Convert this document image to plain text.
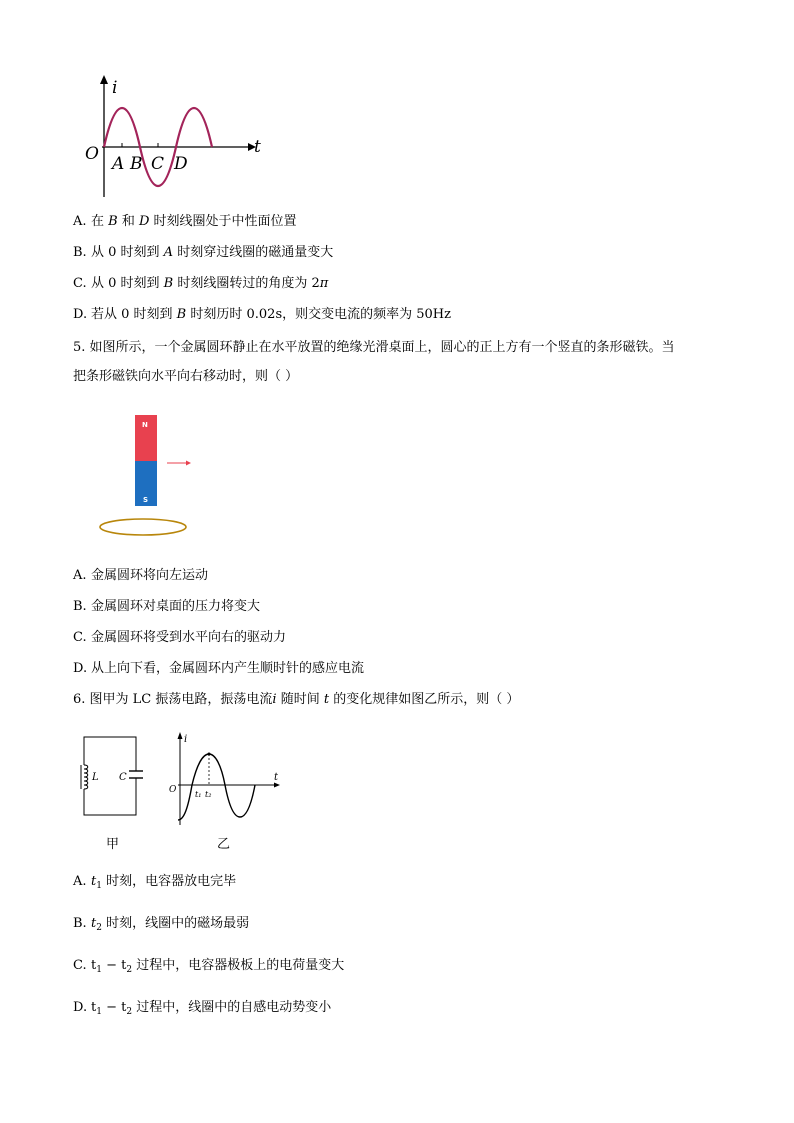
i
t
O A B C D
A. 在 B 和 D 时刻线圈处于中性面位置
B. 从 0 时刻到 A 时刻穿过线圈的磁通量变大
C. 从 0 时刻到 B 时刻线圈转过的角度为 2π
D. 若从 0 时刻到 B 时刻历时 0.02s，则交变电流的频率为 50Hz
5. 如图所示，一个金属圆环静止在水平放置的绝缘光滑桌面上，圆心的正上方有一个竖直的条形磁铁。当
把条形磁铁向水平向右移动时，则（ ）
N
S
A. 金属圆环将向左运动
B. 金属圆环对桌面的压力将变大
C. 金属圆环将受到水平向右的驱动力
D. 从上向下看，金属圆环内产生顺时针的感应电流
6. 图甲为 LC 振荡电路，振荡电流i 随时间 t 的变化规律如图乙所示，则（ ）
L C
i
t
O t₁ t₂
甲	乙
A. $t_1$ 时刻，电容器放电完毕
B. $t_2$ 时刻，线圈中的磁场最弱
C. $t_1 - t_2$ 过程中，电容器极板上的电荷量变大
D. $t_1 - t_2$ 过程中，线圈中的自感电动势变小
